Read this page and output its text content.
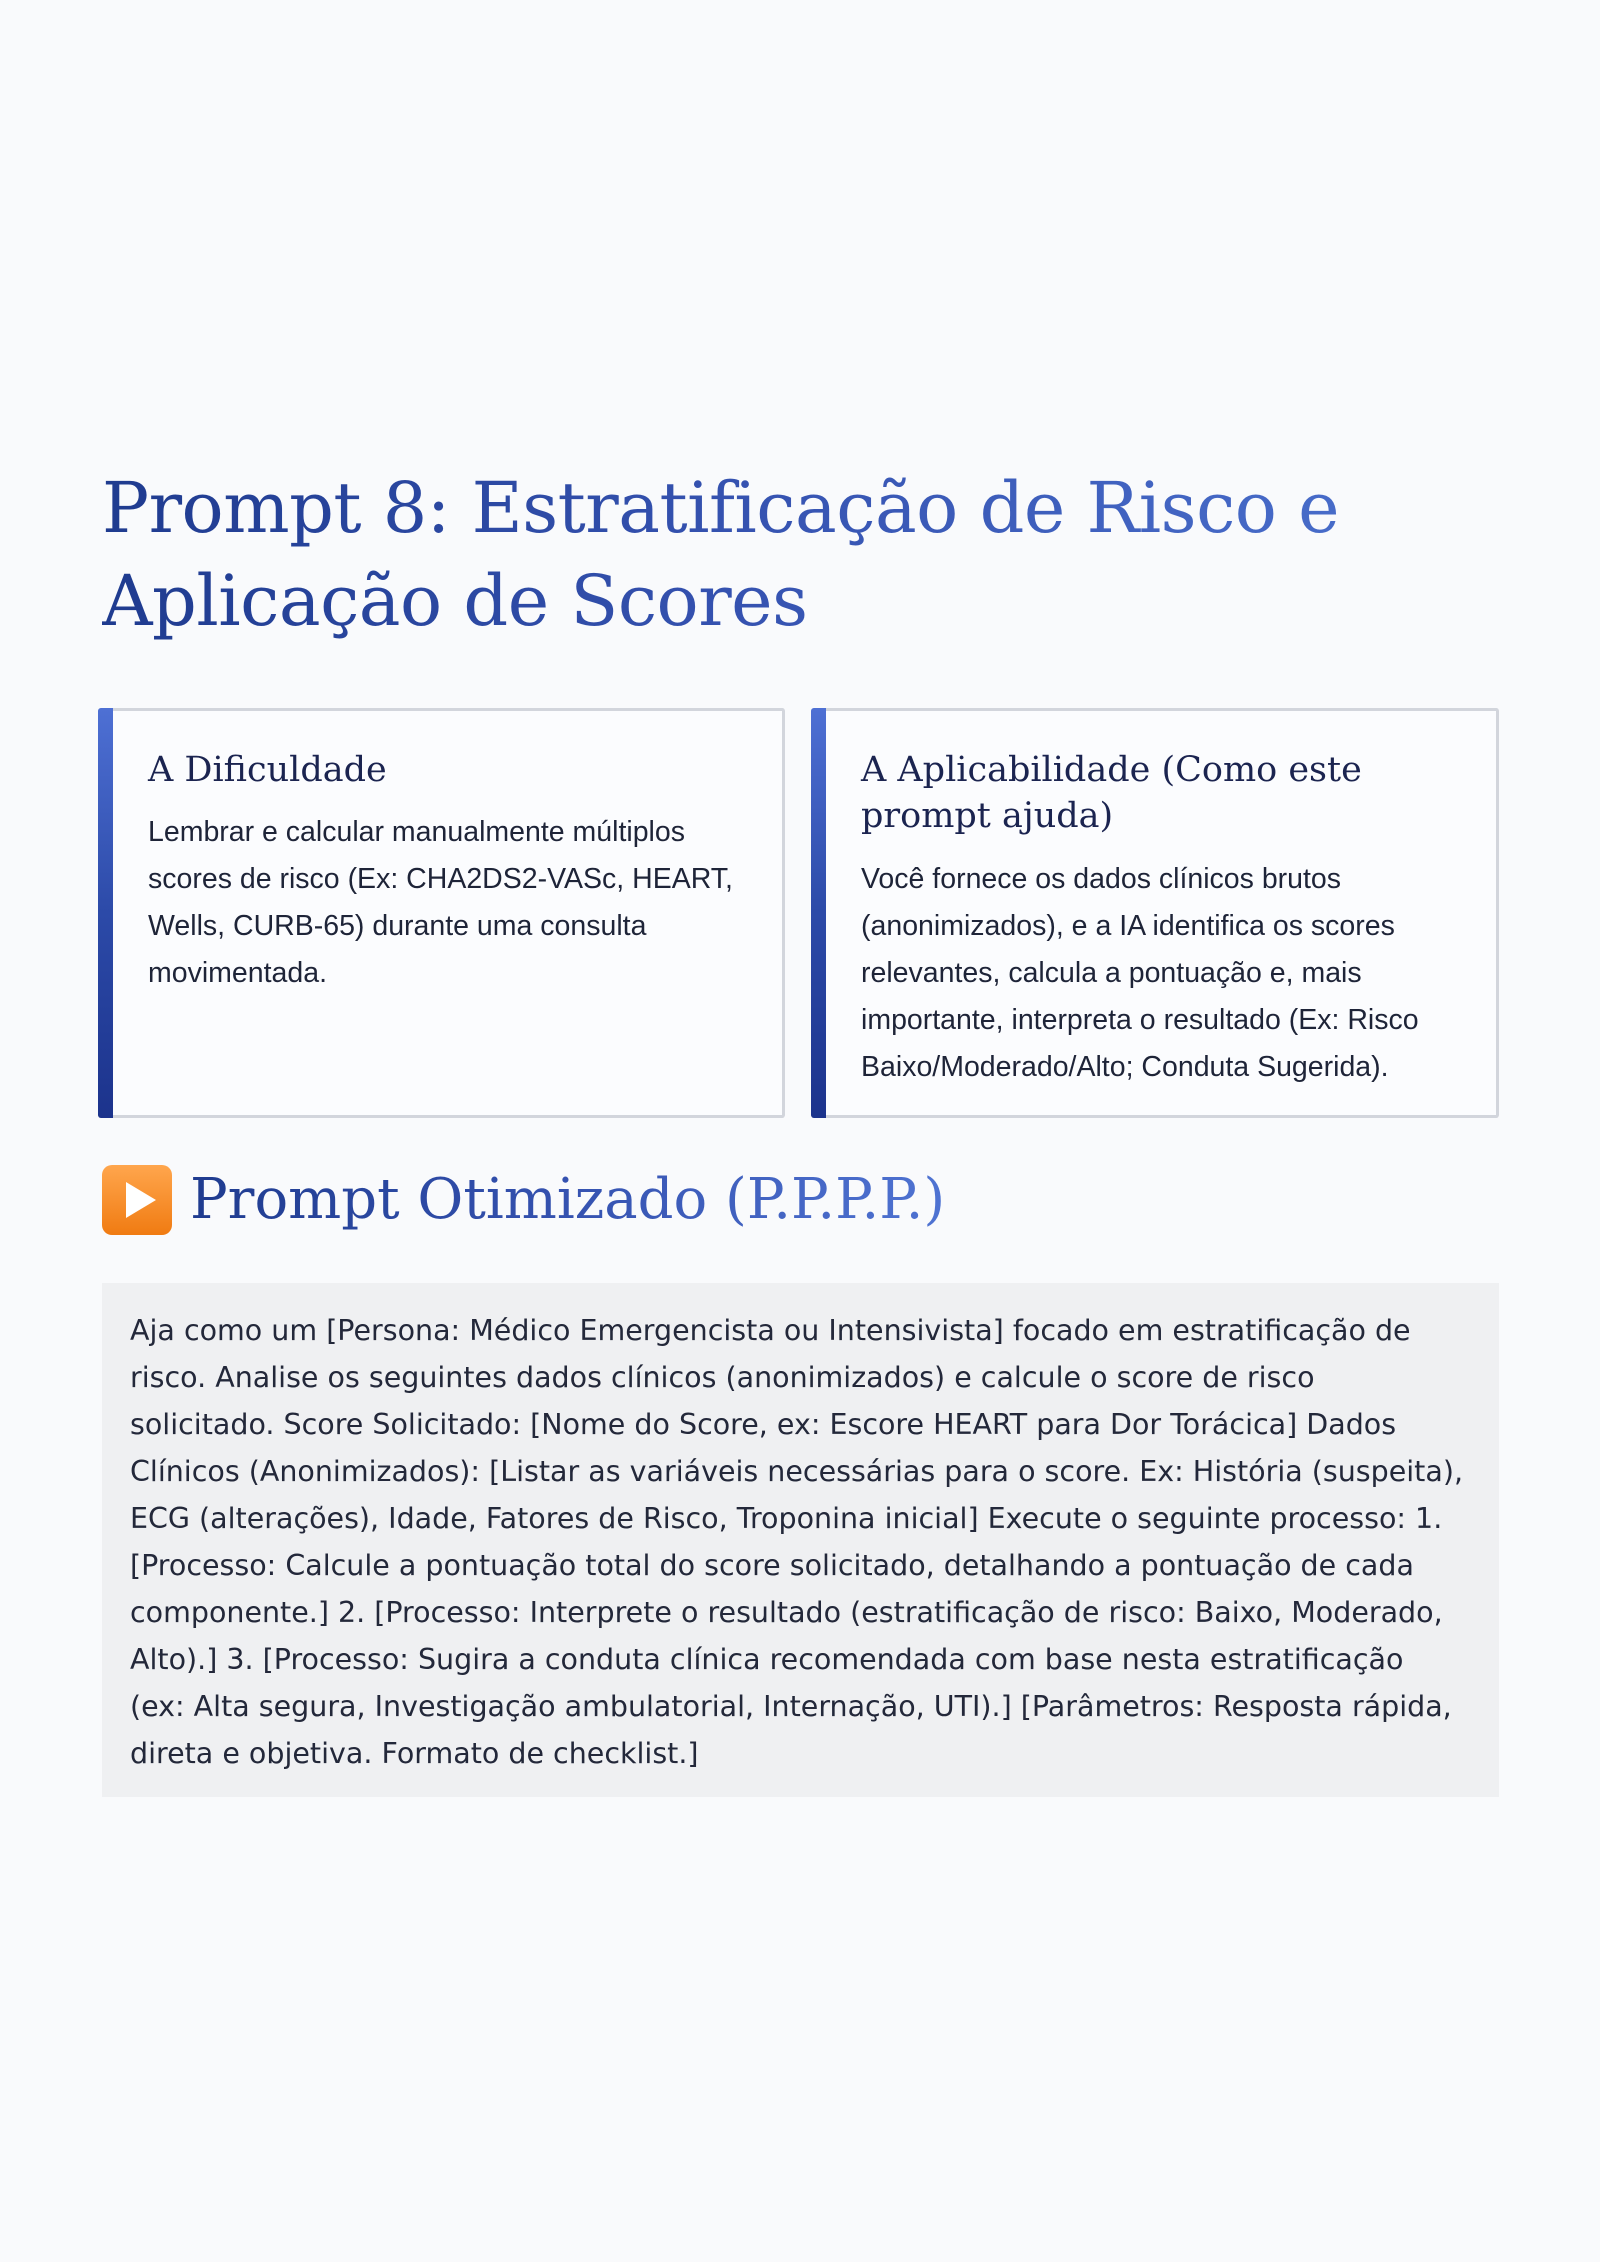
Prompt 8: Estratificação de Risco e Aplicação de Scores
A Dificuldade

Lembrar e calcular manualmente múltiplos scores de risco (Ex: CHA2DS2-VASc, HEART, Wells, CURB-65) durante uma consulta movimentada.

A Aplicabilidade (Como este prompt ajuda)

Você fornece os dados clínicos brutos (anonimizados), e a IA identifica os scores relevantes, calcula a pontuação e, mais importante, interpreta o resultado (Ex: Risco Baixo/Moderado/Alto; Conduta Sugerida).

Prompt Otimizado (P.P.P.P.)

Aja como um [Persona: Médico Emergencista ou Intensivista] focado em estratificação de risco. Analise os seguintes dados clínicos (anonimizados) e calcule o score de risco solicitado. Score Solicitado: [Nome do Score, ex: Escore HEART para Dor Torácica] Dados Clínicos (Anonimizados): [Listar as variáveis necessárias para o score. Ex: História (suspeita), ECG (alterações), Idade, Fatores de Risco, Troponina inicial] Execute o seguinte processo: 1. [Processo: Calcule a pontuação total do score solicitado, detalhando a pontuação de cada componente.] 2. [Processo: Interprete o resultado (estratificação de risco: Baixo, Moderado, Alto).] 3. [Processo: Sugira a conduta clínica recomendada com base nesta estratificação (ex: Alta segura, Investigação ambulatorial, Internação, UTI).] [Parâmetros: Resposta rápida, direta e objetiva. Formato de checklist.]
